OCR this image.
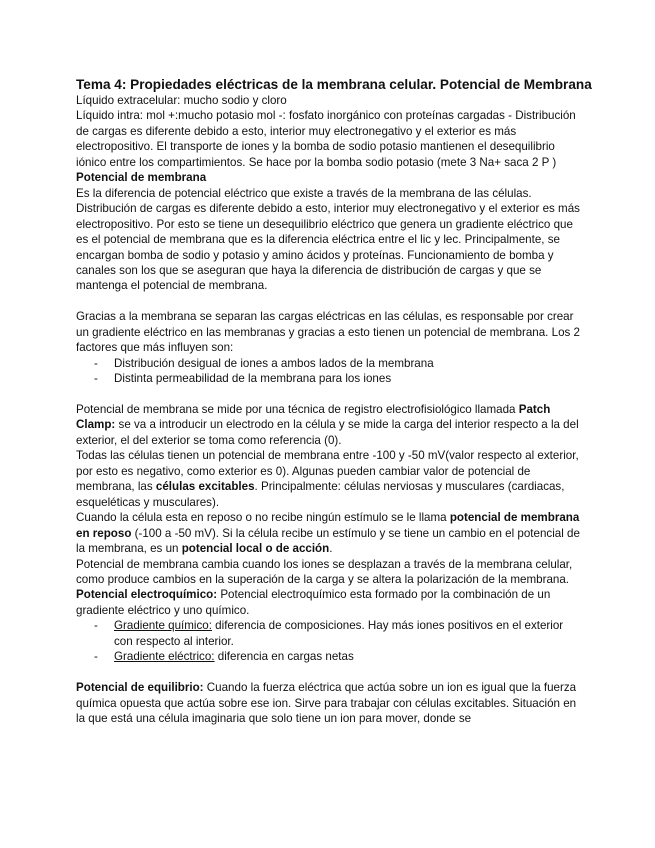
Tema 4: Propiedades eléctricas de la membrana celular. Potencial de Membrana

Líquido extracelular: mucho sodio y cloro

Líquido intra: mol +:mucho potasio mol -: fosfato inorgánico con proteínas cargadas - Distribución de cargas es diferente debido a esto, interior muy electronegativo y el exterior es más electropositivo. El transporte de iones y la bomba de sodio potasio mantienen el desequilibrio iónico entre los compartimientos. Se hace por la bomba sodio potasio (mete 3 Na+ saca 2 P )

Potencial de membrana

Es la diferencia de potencial eléctrico que existe a través de la membrana de las células. Distribución de cargas es diferente debido a esto, interior muy electronegativo y el exterior es más electropositivo. Por esto se tiene un desequilibrio eléctrico que genera un gradiente eléctrico que es el potencial de membrana que es la diferencia eléctrica entre el lic y lec. Principalmente, se encargan bomba de sodio y potasio y amino ácidos y proteínas. Funcionamiento de bomba y canales son los que se aseguran que haya la diferencia de distribución de cargas y que se mantenga el potencial de membrana.

Gracias a la membrana se separan las cargas eléctricas en las células, es responsable por crear un gradiente eléctrico en las membranas y gracias a esto tienen un potencial de membrana. Los 2 factores que más influyen son:

- Distribución desigual de iones a ambos lados de la membrana
- Distinta permeabilidad de la membrana para los iones

Potencial de membrana se mide por una técnica de registro electrofisiológico llamada Patch Clamp: se va a introducir un electrodo en la célula y se mide la carga del interior respecto a la del exterior, el del exterior se toma como referencia (0).

Todas las células tienen un potencial de membrana entre -100 y -50 mV(valor respecto al exterior, por esto es negativo, como exterior es 0). Algunas pueden cambiar valor de potencial de membrana, las células excitables. Principalmente: células nerviosas y musculares (cardiacas, esqueléticas y musculares).

Cuando la célula esta en reposo o no recibe ningún estímulo se le llama potencial de membrana en reposo (-100 a -50 mV). Si la célula recibe un estímulo y se tiene un cambio en el potencial de la membrana, es un potencial local o de acción.

Potencial de membrana cambia cuando los iones se desplazan a través de la membrana celular, como produce cambios en la superación de la carga y se altera la polarización de la membrana.

Potencial electroquímico: Potencial electroquímico esta formado por la combinación de un gradiente eléctrico y uno químico.

- Gradiente químico: diferencia de composiciones. Hay más iones positivos en el exterior con respecto al interior.
- Gradiente eléctrico: diferencia en cargas netas

Potencial de equilibrio: Cuando la fuerza eléctrica que actúa sobre un ion es igual que la fuerza química opuesta que actúa sobre ese ion. Sirve para trabajar con células excitables. Situación en la que está una célula imaginaria que solo tiene un ion para mover, donde se
